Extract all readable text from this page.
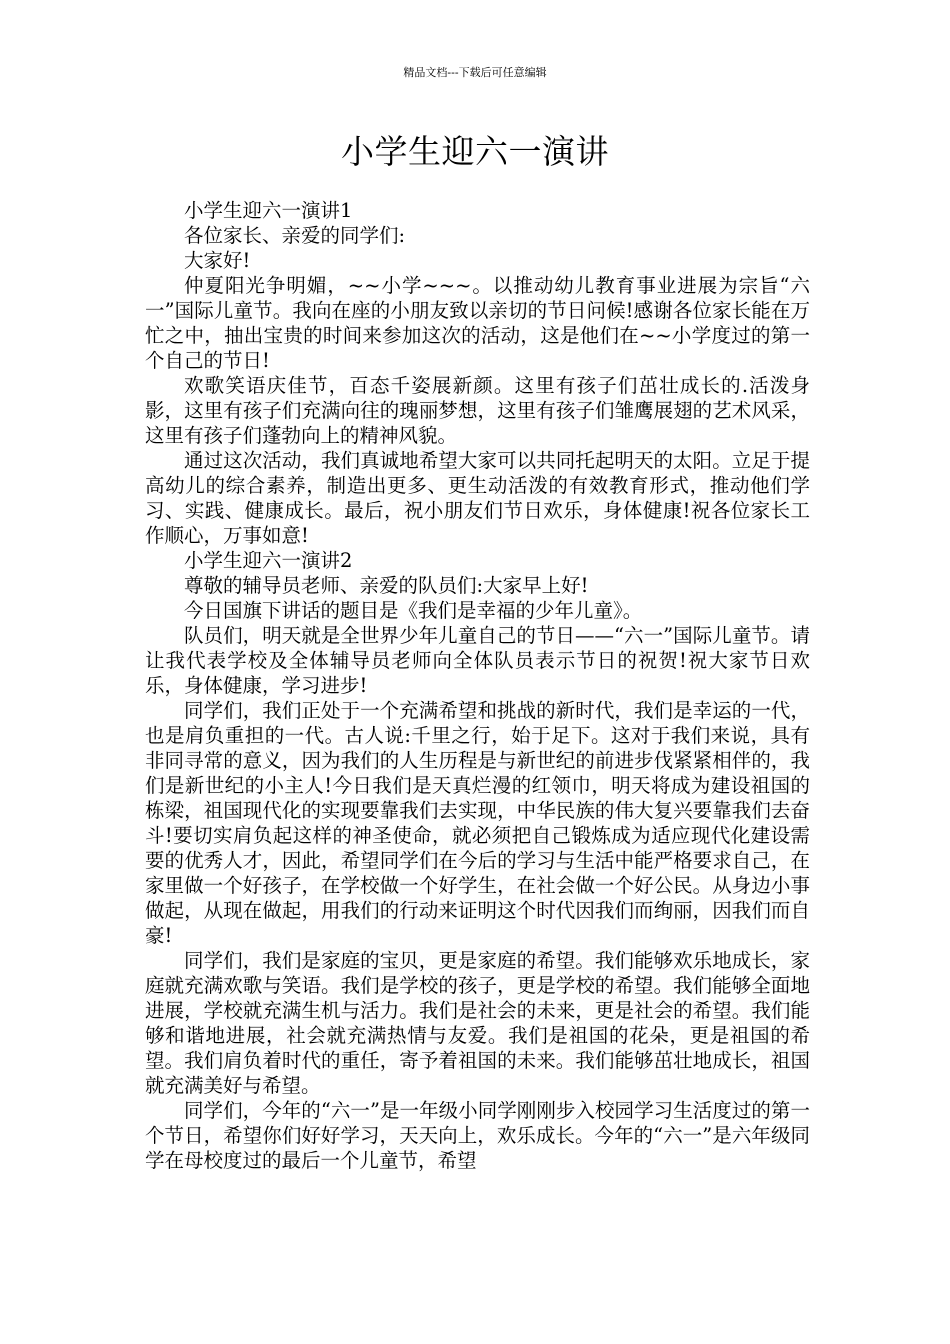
精品文档---下载后可任意编辑
小学生迎六一演讲

小学生迎六一演讲1

各位家长、亲爱的同学们:

大家好!

仲夏阳光争明媚，~~小学~~~。以推动幼儿教育事业进展为宗旨“六一”国际儿童节。我向在座的小朋友致以亲切的节日问候!感谢各位家长能在万忙之中，抽出宝贵的时间来参加这次的活动，这是他们在~~小学度过的第一个自己的节日!

欢歌笑语庆佳节，百态千姿展新颜。这里有孩子们茁壮成长的.活泼身影，这里有孩子们充满向往的瑰丽梦想，这里有孩子们雏鹰展翅的艺术风采，这里有孩子们蓬勃向上的精神风貌。

通过这次活动，我们真诚地希望大家可以共同托起明天的太阳。立足于提高幼儿的综合素养，制造出更多、更生动活泼的有效教育形式，推动他们学习、实践、健康成长。最后，祝小朋友们节日欢乐，身体健康!祝各位家长工作顺心，万事如意!

小学生迎六一演讲2

尊敬的辅导员老师、亲爱的队员们:大家早上好!

今日国旗下讲话的题目是《我们是幸福的少年儿童》。

队员们，明天就是全世界少年儿童自己的节日——“六一”国际儿童节。请让我代表学校及全体辅导员老师向全体队员表示节日的祝贺!祝大家节日欢乐，身体健康，学习进步!

同学们，我们正处于一个充满希望和挑战的新时代，我们是幸运的一代，也是肩负重担的一代。古人说:千里之行，始于足下。这对于我们来说，具有非同寻常的意义，因为我们的人生历程是与新世纪的前进步伐紧紧相伴的，我们是新世纪的小主人!今日我们是天真烂漫的红领巾，明天将成为建设祖国的栋梁，祖国现代化的实现要靠我们去实现，中华民族的伟大复兴要靠我们去奋斗!要切实肩负起这样的神圣使命，就必须把自己锻炼成为适应现代化建设需要的优秀人才，因此，希望同学们在今后的学习与生活中能严格要求自己，在家里做一个好孩子，在学校做一个好学生，在社会做一个好公民。从身边小事做起，从现在做起，用我们的行动来证明这个时代因我们而绚丽，因我们而自豪!

同学们，我们是家庭的宝贝，更是家庭的希望。我们能够欢乐地成长，家庭就充满欢歌与笑语。我们是学校的孩子，更是学校的希望。我们能够全面地进展，学校就充满生机与活力。我们是社会的未来，更是社会的希望。我们能够和谐地进展，社会就充满热情与友爱。我们是祖国的花朵，更是祖国的希望。我们肩负着时代的重任，寄予着祖国的未来。我们能够茁壮地成长，祖国就充满美好与希望。

同学们，今年的“六一”是一年级小同学刚刚步入校园学习生活度过的第一个节日，希望你们好好学习，天天向上，欢乐成长。今年的“六一”是六年级同学在母校度过的最后一个儿童节，希望
